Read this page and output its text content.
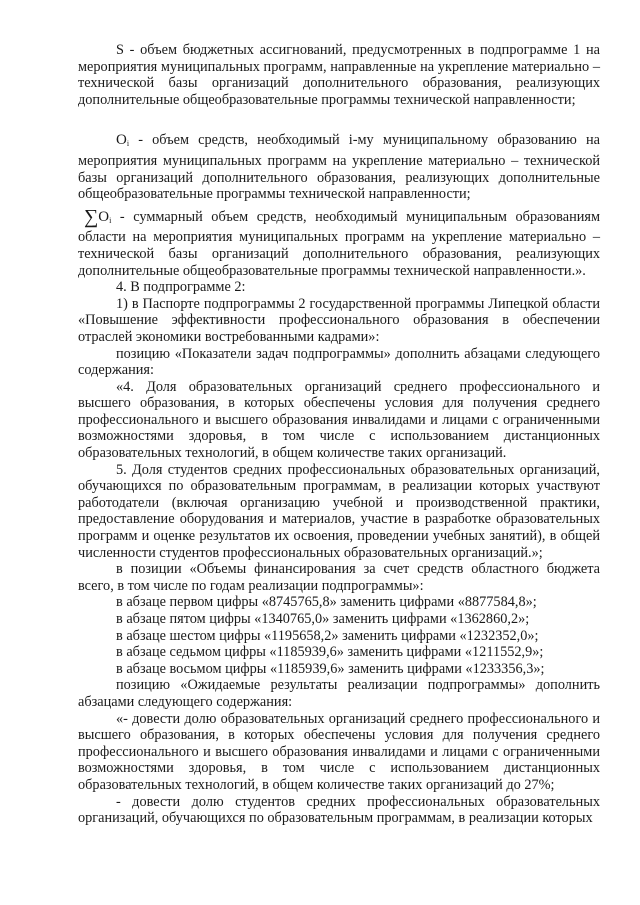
S - объем бюджетных ассигнований, предусмотренных в подпрограмме 1 на мероприятия муниципальных программ, направленные на укрепление материально – технической базы организаций дополнительного образования, реализующих дополнительные общеобразовательные программы технической направленности;

$O_i$ - объем средств, необходимый i-му муниципальному образованию на мероприятия муниципальных программ на укрепление материально – технической базы организаций дополнительного образования, реализующих дополнительные общеобразовательные программы технической направленности;

$\sum O_i$ - суммарный объем средств, необходимый муниципальным образованиям области на мероприятия муниципальных программ на укрепление материально – технической базы организаций дополнительного образования, реализующих дополнительные общеобразовательные программы технической направленности.».

4. В подпрограмме 2:

1) в Паспорте подпрограммы 2 государственной программы Липецкой области «Повышение эффективности профессионального образования в обеспечении отраслей экономики востребованными кадрами»:

позицию «Показатели задач подпрограммы» дополнить абзацами следующего содержания:

«4. Доля образовательных организаций среднего профессионального и высшего образования, в которых обеспечены условия для получения среднего профессионального и высшего образования инвалидами и лицами с ограниченными возможностями здоровья, в том числе с использованием дистанционных образовательных технологий, в общем количестве таких организаций.

5. Доля студентов средних профессиональных образовательных организаций, обучающихся по образовательным программам, в реализации которых участвуют работодатели (включая организацию учебной и производственной практики, предоставление оборудования и материалов, участие в разработке образовательных программ и оценке результатов их освоения, проведении учебных занятий), в общей численности студентов профессиональных образовательных организаций.»;

в позиции «Объемы финансирования за счет средств областного бюджета всего, в том числе по годам реализации подпрограммы»:

в абзаце первом цифры «8745765,8» заменить цифрами «8877584,8»;

в абзаце пятом цифры «1340765,0» заменить цифрами «1362860,2»;

в абзаце шестом цифры «1195658,2» заменить цифрами «1232352,0»;

в абзаце седьмом цифры «1185939,6» заменить цифрами «1211552,9»;

в абзаце восьмом цифры «1185939,6» заменить цифрами «1233356,3»;

позицию «Ожидаемые результаты реализации подпрограммы» дополнить абзацами следующего содержания:

«- довести долю образовательных организаций среднего профессионального и высшего образования, в которых обеспечены условия для получения среднего профессионального и высшего образования инвалидами и лицами с ограниченными возможностями здоровья, в том числе с использованием дистанционных образовательных технологий, в общем количестве таких организаций до 27%;

- довести долю студентов средних профессиональных образовательных организаций, обучающихся по образовательным программам, в реализации которых
